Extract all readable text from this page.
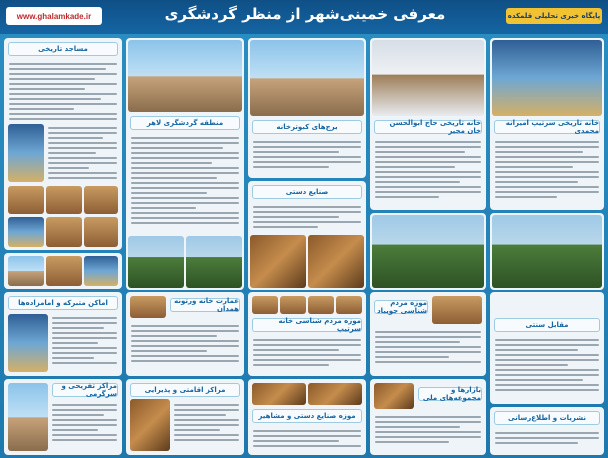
www.ghalamkade.ir	معرفی خمینی‌شهر از منظر گردشگری	پایگاه خبری تحلیلی قلمکده
مساجد تاریخی
اماکن متبرکه و امامزاده‌ها
مراکز تفریحی و سرگرمی
منطقه گردشگری لاهر
عمارت خانه ورتونه همدان
مراکز اقامتی و پذیرایی
برج‌های کبوترخانه
صنایع دستی
موزه مردم شناسی خانه سرتیپ
موزه صنایع دستی و مشاهیر
خانه تاریخی حاج ابوالحسن خان مجیر
موزه مردم شناسی جویباد
بازارها و مجموعه‌های ملی
خانه تاریخی سرتیپ امیرانه محمدی
مقابل سنتی
نشریات و اطلاع‌رسانی
